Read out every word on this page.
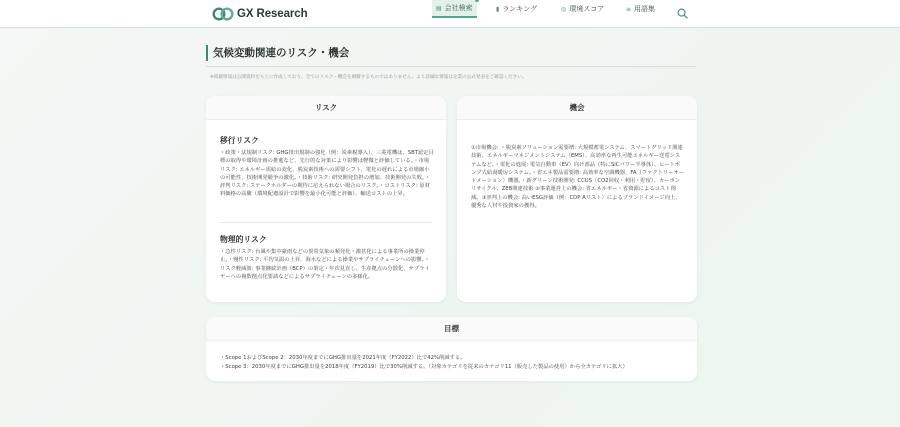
GX Research	▤ 会社検索	▮ ランキング	◎ 環境スコア	≡ 用語集
気候変動関連のリスク・機会
※掲載情報は公開資料をもとに作成しており、全てのリスク・機会を網羅するものではありません。より詳細な情報は企業の公式発表をご確認ください。
リスク
移行リスク
・政策・法規制リスク: GHG排出規制の強化（例：炭素税導入）、三菱電機は、SBT認定目標の取得や環境計画の推進など、先行的な対策により影響は軽微と評価している。・市場リスク: エネルギー需給の変化、脱炭素技術への需要シフト、電化の遅れによる市場縮小の可能性、技術開発競争の激化。・技術リスク: 研究開発負担の増加、技術開発の失敗。・評判リスク: ステークホルダーの期待に応えられない場合のリスク。・コストリスク: 原材料価格の高騰（環境配慮設計で影響を最小化可能と評価）、輸送コストの上昇。
物理的リスク
・急性リスク: 台風や集中豪雨などの異常気象の頻発化・激甚化による事業所の操業停止。・慢性リスク: 平均気温の上昇、海水などによる操業やサプライチェーンへの影響。・リスク軽減策: 事業継続計画（BCP）の策定・年次見直し、生産拠点の分散化、サプライヤーへの複数拠点化要請などによるサプライチェーンの多様化。
機会
①市場機会: ・脱炭素ソリューション需要増: 大規模蓄電システム、スマートグリッド関連技術、エネルギーマネジメントシステム（EMS）、高効率な再生可能エネルギー送電システムなど。・電化の進展: 電気自動車（EV）向け部品（特にSiCパワー半導体）、ヒートポンプ式給湯暖房システム。・省エネ製品需要増: 高効率な空調機器、FA（ファクトリーオートメーション）機器。・新グリーン技術開発: CCUS（CO2回収・利用・貯留）、カーボンリサイクル、ZEB関連技術 ②事業運営上の機会: 省エネルギー・省資源によるコスト削減。③評判上の機会: 高いESG評価（例：CDP Aリスト）によるブランドイメージ向上、優秀な人材や投資家の獲得。
目標
・Scope 1およびScope 2：2030年度までにGHG排出量を2021年度（FY2022）比で42%削減する。
・Scope 3：2030年度までにGHG排出量を2018年度（FY2019）比で30%削減する。（対象カテゴリを従来のカテゴリ11（販売した製品の使用）から全カテゴリに拡大）
